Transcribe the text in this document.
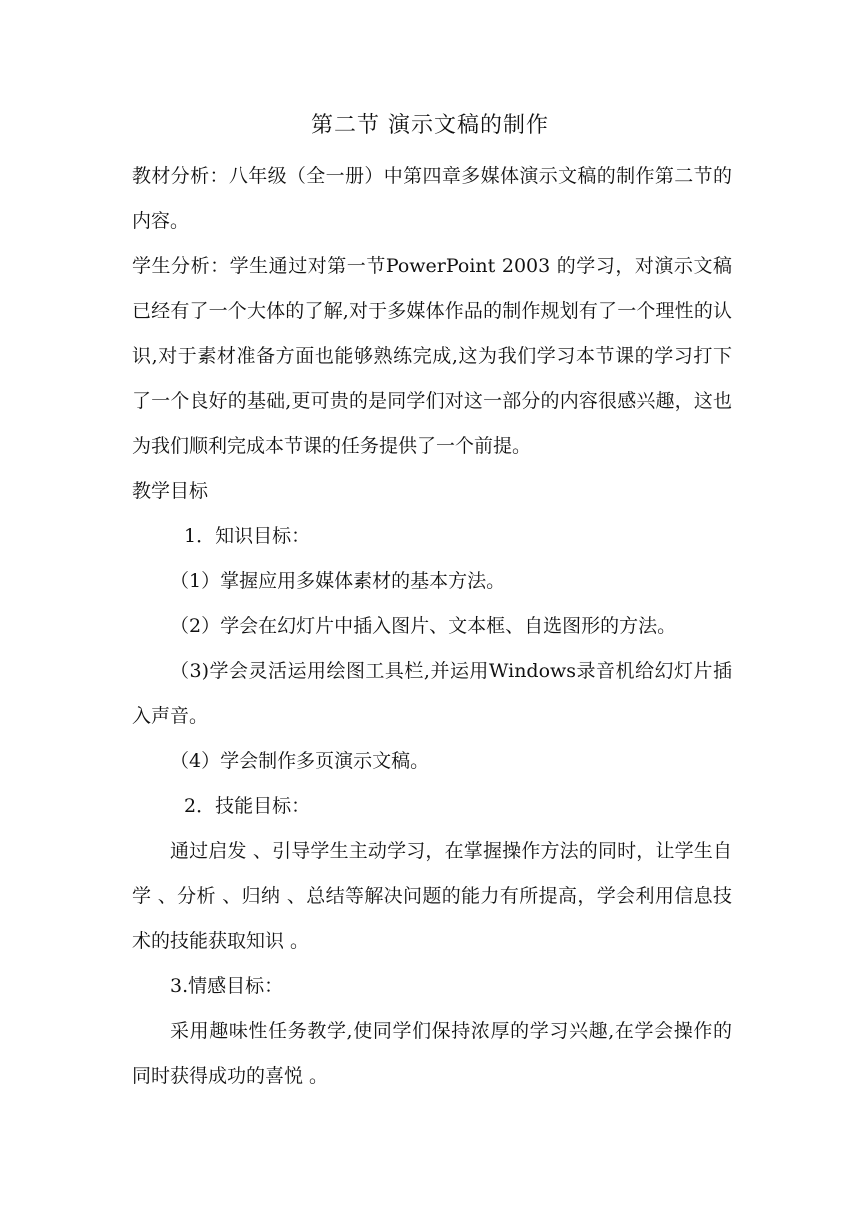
第二节 演示文稿的制作

教材分析：八年级（全一册）中第四章多媒体演示文稿的制作第二节的内容。

学生分析：学生通过对第一节PowerPoint 2003 的学习，对演示文稿已经有了一个大体的了解,对于多媒体作品的制作规划有了一个理性的认识,对于素材准备方面也能够熟练完成,这为我们学习本节课的学习打下了一个良好的基础,更可贵的是同学们对这一部分的内容很感兴趣，这也为我们顺利完成本节课的任务提供了一个前提。

教学目标

1．知识目标：

（1）掌握应用多媒体素材的基本方法。

（2）学会在幻灯片中插入图片、文本框、自选图形的方法。

（3)学会灵活运用绘图工具栏,并运用Windows录音机给幻灯片插入声音。

（4）学会制作多页演示文稿。

2．技能目标：

通过启发 、引导学生主动学习，在掌握操作方法的同时，让学生自学 、分析 、归纳 、总结等解决问题的能力有所提高，学会利用信息技术的技能获取知识 。

3.情感目标：

采用趣味性任务教学,使同学们保持浓厚的学习兴趣,在学会操作的同时获得成功的喜悦 。
